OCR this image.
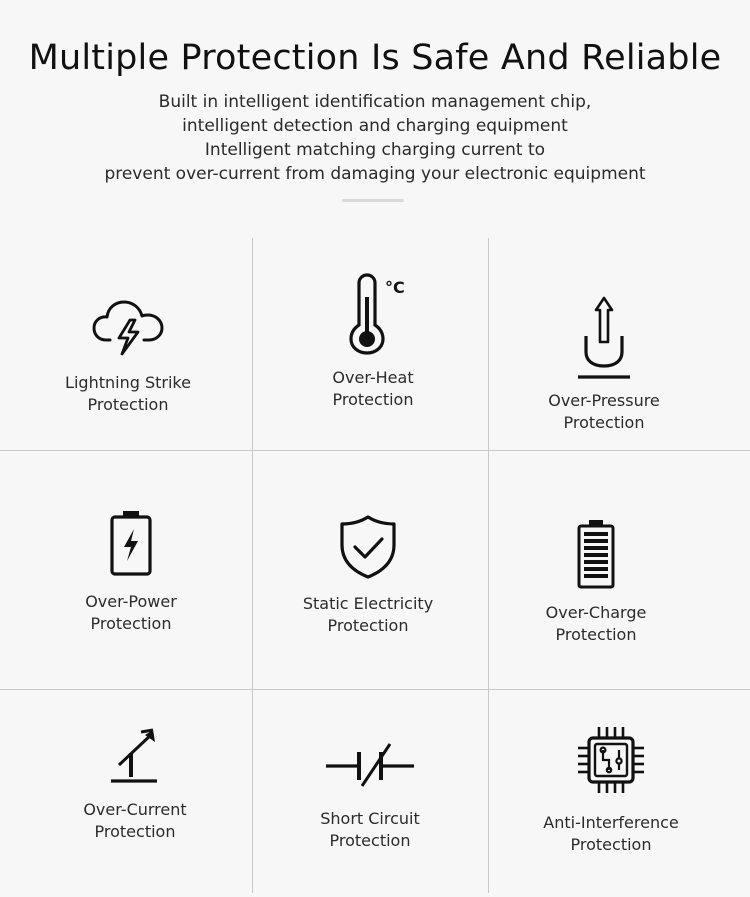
Multiple Protection Is Safe And Reliable
Built in intelligent identification management chip,
intelligent detection and charging equipment
Intelligent matching charging current to
prevent over-current from damaging your electronic equipment
Lightning Strike
Protection
°C
Over-Heat
Protection	Over-Pressure
Protection
Over-Power
Protection
Static Electricity
Protection
Over-Charge
Protection
Over-Current
Protection
Short Circuit
Protection
Anti-Interference
Protection
